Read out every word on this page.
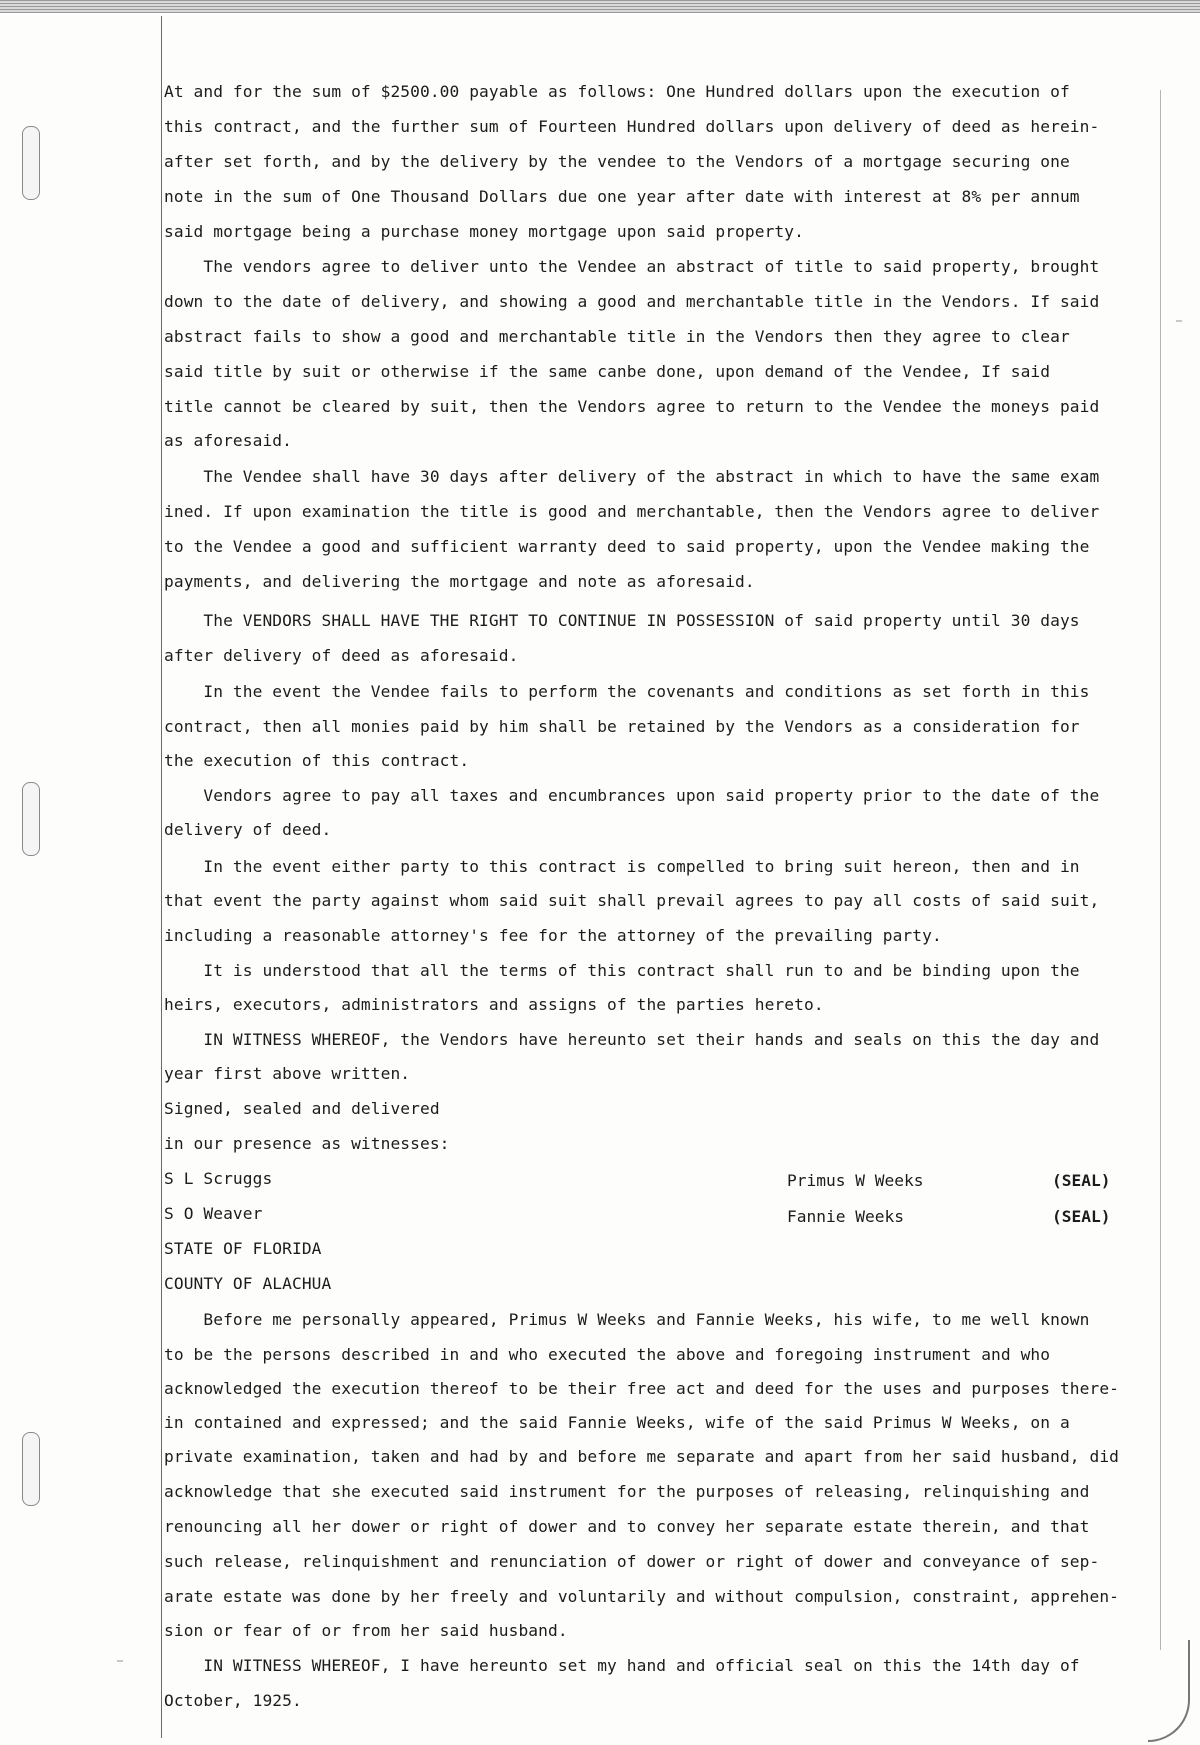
At and for the sum of $2500.00 payable as follows: One Hundred dollars upon the execution of
this contract, and the further sum of Fourteen Hundred dollars upon delivery of deed as herein-
after set forth, and by the delivery by the vendee to the Vendors of a mortgage securing one
note in the sum of One Thousand Dollars due one year after date with interest at 8% per annum
said mortgage being a purchase money mortgage upon said property.
The vendors agree to deliver unto the Vendee an abstract of title to said property, brought
down to the date of delivery, and showing a good and merchantable title in the Vendors. If said
abstract fails to show a good and merchantable title in the Vendors then they agree to clear
said title by suit or otherwise if the same canbe done, upon demand of the Vendee, If said
title cannot be cleared by suit, then the Vendors agree to return to the Vendee the moneys paid
as aforesaid.
The Vendee shall have 30 days after delivery of the abstract in which to have the same exam
ined. If upon examination the title is good and merchantable, then the Vendors agree to deliver
to the Vendee a good and sufficient warranty deed to said property, upon the Vendee making the
payments, and delivering the mortgage and note as aforesaid.
The VENDORS SHALL HAVE THE RIGHT TO CONTINUE IN POSSESSION of said property until 30 days
after delivery of deed as aforesaid.
In the event the Vendee fails to perform the covenants and conditions as set forth in this
contract, then all monies paid by him shall be retained by the Vendors as a consideration for
the execution of this contract.
Vendors agree to pay all taxes and encumbrances upon said property prior to the date of the
delivery of deed.
In the event either party to this contract is compelled to bring suit hereon, then and in
that event the party against whom said suit shall prevail agrees to pay all costs of said suit,
including a reasonable attorney's fee for the attorney of the prevailing party.
It is understood that all the terms of this contract shall run to and be binding upon the
heirs, executors, administrators and assigns of the parties hereto.
IN WITNESS WHEREOF, the Vendors have hereunto set their hands and seals on this the day and
year first above written.
Signed, sealed and delivered
in our presence as witnesses:
S L Scruggs
S O Weaver
STATE OF FLORIDA
COUNTY OF ALACHUA
Before me personally appeared, Primus W Weeks and Fannie Weeks, his wife, to me well known
to be the persons described in and who executed the above and foregoing instrument and who
acknowledged the execution thereof to be their free act and deed for the uses and purposes there-
in contained and expressed; and the said Fannie Weeks, wife of the said Primus W Weeks, on a
private examination, taken and had by and before me separate and apart from her said husband, did
acknowledge that she executed said instrument for the purposes of releasing, relinquishing and
renouncing all her dower or right of dower and to convey her separate estate therein, and that
such release, relinquishment and renunciation of dower or right of dower and conveyance of sep-
arate estate was done by her freely and voluntarily and without compulsion, constraint, apprehen-
sion or fear of or from her said husband.
IN WITNESS WHEREOF, I have hereunto set my hand and official seal on this the 14th day of
October, 1925.
Primus W Weeks	(SEAL)
Fannie Weeks	(SEAL)
